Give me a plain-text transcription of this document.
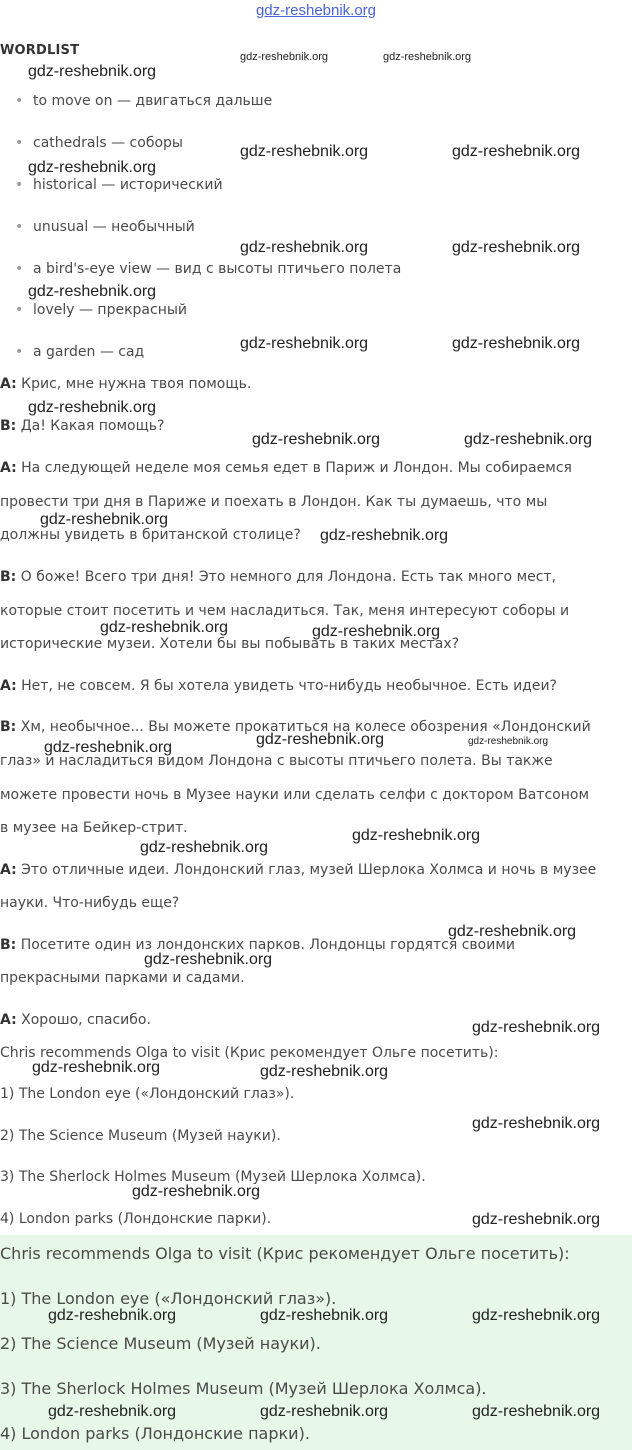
gdz-reshebnik.org
WORDLIST
• to move on — двигаться дальше
• cathedrals — соборы
• historical — исторический
• unusual — необычный
• a bird's-eye view — вид с высоты птичьего полета
• lovely — прекрасный
• a garden — сад
A: Крис, мне нужна твоя помощь.
B: Да! Какая помощь?
A: На следующей неделе моя семья едет в Париж и Лондон. Мы собираемся
провести три дня в Париже и поехать в Лондон. Как ты думаешь, что мы
должны увидеть в британской столице?
B: О боже! Всего три дня! Это немного для Лондона. Есть так много мест,
которые стоит посетить и чем насладиться. Так, меня интересуют соборы и
исторические музеи. Хотели бы вы побывать в таких местах?
A: Нет, не совсем. Я бы хотела увидеть что-нибудь необычное. Есть идеи?
B: Хм, необычное... Вы можете прокатиться на колесе обозрения «Лондонский
глаз» и насладиться видом Лондона с высоты птичьего полета. Вы также
можете провести ночь в Музее науки или сделать селфи с доктором Ватсоном
в музее на Бейкер-стрит.
A: Это отличные идеи. Лондонский глаз, музей Шерлока Холмса и ночь в музее
науки. Что-нибудь еще?
B: Посетите один из лондонских парков. Лондонцы гордятся своими
прекрасными парками и садами.
A: Хорошо, спасибо.
Chris recommends Olga to visit (Крис рекомендует Ольге посетить):
1) The London eye («Лондонский глаз»).
2) The Science Museum (Музей науки).
3) The Sherlock Holmes Museum (Музей Шерлока Холмса).
4) London parks (Лондонские парки).
Chris recommends Olga to visit (Крис рекомендует Ольге посетить):
1) The London eye («Лондонский глаз»).
2) The Science Museum (Музей науки).
3) The Sherlock Holmes Museum (Музей Шерлока Холмса).
4) London parks (Лондонские парки).
gdz-reshebnik.org	gdz-reshebnik.org
gdz-reshebnik.org
gdz-reshebnik.org	gdz-reshebnik.org
gdz-reshebnik.org
gdz-reshebnik.org	gdz-reshebnik.org
gdz-reshebnik.org
gdz-reshebnik.org	gdz-reshebnik.org
gdz-reshebnik.org
gdz-reshebnik.org	gdz-reshebnik.org
gdz-reshebnik.org
gdz-reshebnik.org
gdz-reshebnik.org	gdz-reshebnik.org
gdz-reshebnik.org
gdz-reshebnik.org	gdz-reshebnik.org
gdz-reshebnik.org
gdz-reshebnik.org
gdz-reshebnik.org
gdz-reshebnik.org
gdz-reshebnik.org
gdz-reshebnik.org	gdz-reshebnik.org
gdz-reshebnik.org
gdz-reshebnik.org
gdz-reshebnik.org
gdz-reshebnik.org	gdz-reshebnik.org	gdz-reshebnik.org
gdz-reshebnik.org	gdz-reshebnik.org	gdz-reshebnik.org
